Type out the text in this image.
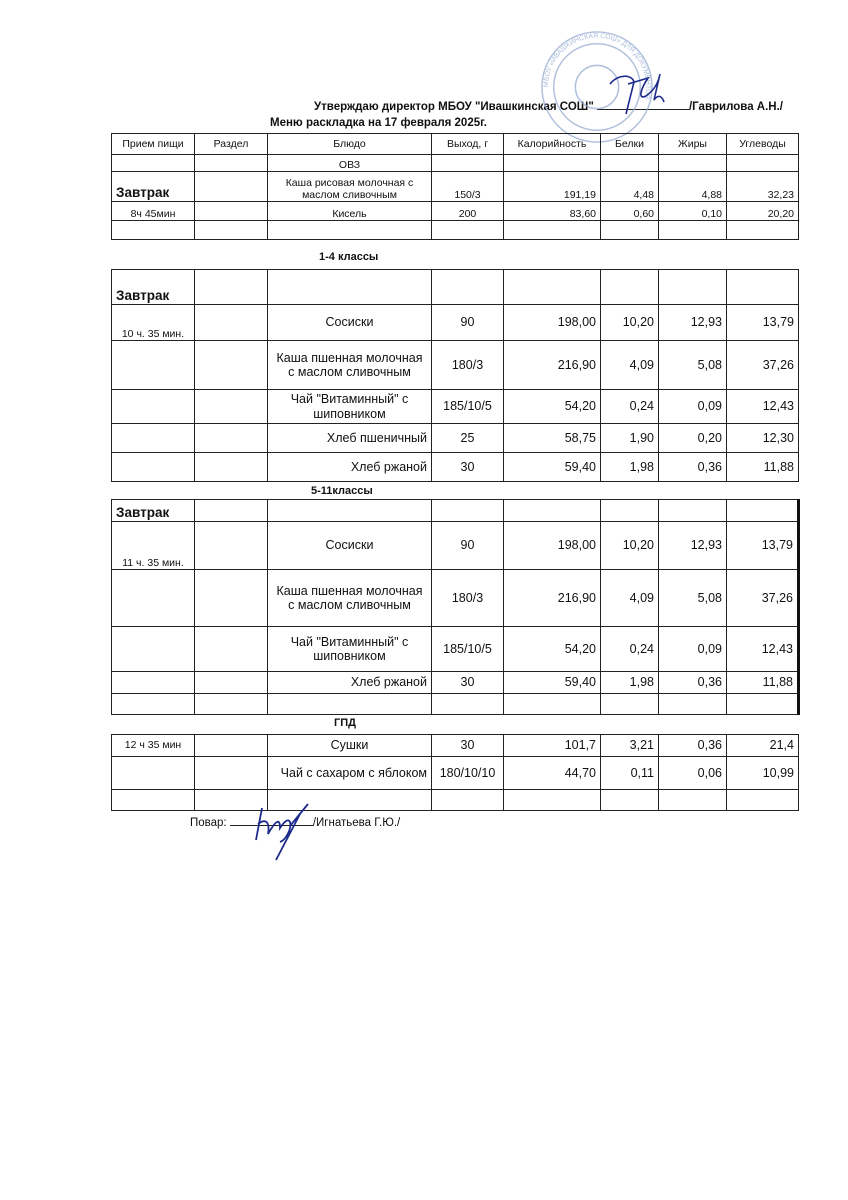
Утверждаю директор МБОУ "Ивашкинская СОШ"	/Гаврилова А.Н./
МБОУ «ИВАШКИНСКАЯ СОШ» ДЛЯ ДОКУМЕНТОВ
Меню раскладка на 17 февраля 2025г.
Прием пищи	Раздел	Блюдо	Выход, г	Калорийность	Белки	Жиры	Углеводы
		ОВЗ					
Завтрак		Каша рисовая молочная с маслом сливочным	150/3	191,19	4,48	4,88	32,23
8ч 45мин		Кисель	200	83,60	0,60	0,10	20,20

1-4 классы
Завтрак							
10 ч. 35 мин.		Сосиски	90	198,00	10,20	12,93	13,79
		Каша пшенная молочная с маслом сливочным	180/3	216,90	4,09	5,08	37,26
		Чай "Витаминный" с шиповником	185/10/5	54,20	0,24	0,09	12,43
		Хлеб пшеничный	25	58,75	1,90	0,20	12,30
		Хлеб ржаной	30	59,40	1,98	0,36	11,88
5-11классы
Завтрак							
11 ч. 35 мин.		Сосиски	90	198,00	10,20	12,93	13,79
		Каша пшенная молочная с маслом сливочным	180/3	216,90	4,09	5,08	37,26
		Чай "Витаминный" с шиповником	185/10/5	54,20	0,24	0,09	12,43
		Хлеб ржаной	30	59,40	1,98	0,36	11,88

ГПД
12 ч 35 мин		Сушки	30	101,7	3,21	0,36	21,4
		Чай с сахаром с яблоком	180/10/10	44,70	0,11	0,06	10,99

Повар:	/Игнатьева Г.Ю./
